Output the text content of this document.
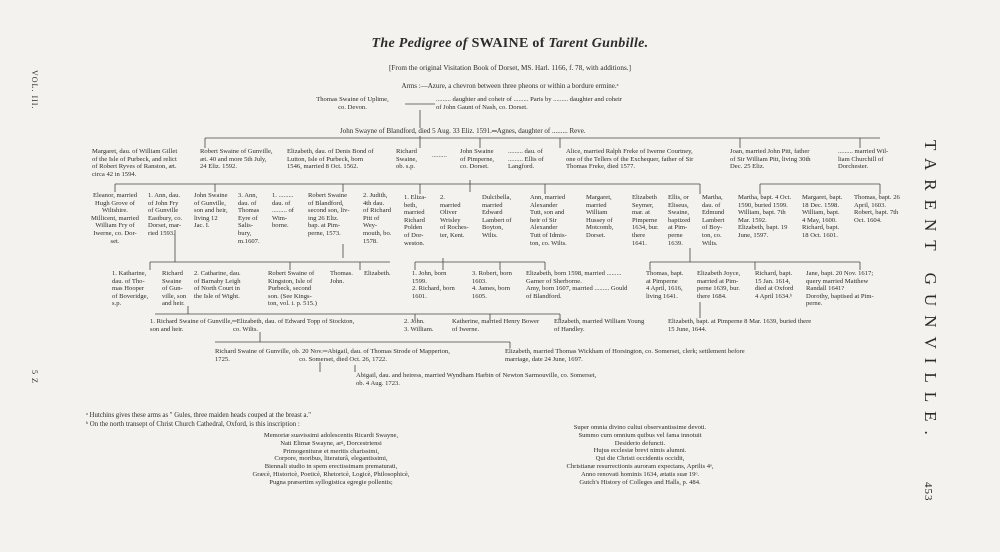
VOL. III.
5 Z	TARENT GUNVILLE.
453
The Pedigree of SWAINE of Tarent Gunbille.
[From the original Visitation Book of Dorset, MS. Harl. 1166, f. 78, with additions.]
Arms :—Azure, a chevron between three pheons or within a bordure ermine.ᵃ
Thomas Swaine of Uplime,
co. Devon.
......... daughter and coheir of ......... Paris by ......... daughter and coheir
of John Gaunt of Nash, co. Dorset.
John Swayne of Blandford, died 5 Aug. 33 Eliz. 1591.═Agnes, daughter of ......... Reve.
Margaret, dau. of William Gillet
of the Isle of Purbeck, and relict
of Robert Ryves of Ranston, æt.
circa 42 in 1594.
Robert Swaine of Gunville,
æt. 40 and more 5th July,
24 Eliz. 1592.
Elizabeth, dau. of Denis Bond of
Lutton, Isle of Purbeck, born
1546, married 8 Oct. 1562.
Richard
Swaine,
ob. s.p.
.........
John Swaine
of Pimperne,
co. Dorset.
......... dau. of
......... Ellis of
Langford.
Alice, married Ralph Freke of Iwerne Courtney,
one of the Tellers of the Exchequer, father of Sir
Thomas Freke, died 1577.
Joan, married John Pitt, father
of Sir William Pitt, living 30th
Dec. 25 Eliz.
......... married Wil-
liam Churchill of
Dorchester.
Eleanor, married
Hugh Grove of
Wiltshire.
Millicent, married
William Fry of
Iwerne, co. Dor-
set.
1. Ann, dau.
of John Fry
of Gunville
Eastbury, co.
Dorset, mar-
ried 1593.
John Swaine
of Gunville,
son and heir,
living 12
Jac. I.
3. Ann,
dau. of
Thomas
Eyre of
Salis-
bury,
m.1607.
1. .........
dau. of
......... of
Wim-
borne.
Robert Swaine
of Blandford,
second son, liv-
ing 26 Eliz.
bap. at Pim-
perne, 1573.
2. Judith,
4th dau.
of Richard
Pitt of
Wey-
mouth, bo.
1578.
1. Eliza-
beth,
married
Richard
Polden
of Dor-
weston.
2.
married
Oliver
Wrisley
of Roches-
ter, Kent.
Dulcibella,
married
Edward
Lambert of
Boyton,
Wilts.
Ann, married
Alexander
Tutt, son and
heir of Sir
Alexander
Tutt of Idmis-
ton, co. Wilts.
Margaret,
married
William
Hussey of
Motcomb,
Dorset.
Elizabeth
Seymer,
mar. at
Pimperne
1634, bur.
there
1641.
Ellis, or
Eliseus,
Swaine,
baptized
at Pim-
perne
1639.
Martha,
dau. of
Edmund
Lambert
of Boy-
ton, co.
Wilts.
Martha, bapt. 4 Oct.
1590, buried 1599.
William, bapt. 7th
Mar. 1592.
Elizabeth, bapt. 19
June, 1597.
Margaret, bapt.
18 Dec. 1598.
William, bapt.
4 May, 1600.
Richard, bapt.
18 Oct. 1601.
Thomas, bapt. 26
April, 1603.
Robert, bapt. 7th
Oct. 1604.
1. Katharine,
dau. of Tho-
mas Hooper
of Boveridge,
s.p.
Richard
Swaine
of Gun-
ville, son
and heir.
2. Catharine, dau.
of Barnaby Leigh
of North Court in
the Isle of Wight.
Robert Swaine of
Kingston, Isle of
Purbeck, second
son. (See Kings-
ton, vol. i. p. 515.)
Thomas.
John.
Elizabeth.	1. John, born
1599.
2. Richard, born
1601.
3. Robert, born
1603.
4. James, born
1605.
Elizabeth, born 1598, married .........
Garner of Sherborne.
Amy, born 1607, married ......... Gould
of Blandford.
Thomas, bapt.
at Pimperne
4 April, 1616,
living 1641.
Elizabeth Joyce,
married at Pim-
perne 1639, bur.
there 1684.
Richard, bapt.
15 Jan. 1614,
died at Oxford
4 April 1634.ᵇ
Jane, bapt. 20 Nov. 1617;
query married Matthew
Randall 1641?
Dorothy, baptised at Pim-
perne.
1. Richard Swaine of Gunville,═Elizabeth, dau. of Edward Topp of Stockton,
son and heir.                              co. Wilts.
2. John.
3. William.
Katherine, married Henry Bower
of Iwerne.
Elizabeth, married William Young
of Handley.
Elizabeth, bapt. at Pimperne 8 Mar. 1639, buried there
15 June, 1644.
Richard Swaine of Gunville, ob. 20 Nov.═Abigail, dau. of Thomas Strode of Mapperton,
1725.                                          co. Somerset, died Oct. 26, 1722.
Elizabeth, married Thomas Wickham of Horsington, co. Somerset, clerk; settlement before
marriage, date 24 June, 1697.
Abigail, dau. and heiress, married Wyndham Harbin of Newton Sarmouville, co. Somerset,
ob. 4 Aug. 1723.
ᵃ Hutchins gives these arms as " Gules, three maiden heads couped at the breast a."
ᵇ On the north transept of Christ Church Cathedral, Oxford, is this inscription :
Memoriæ suavissimi adolescentis Ricardi Swayne,
Nati Elimæ Swayne, arᵍ, Dorcestriensi
Primogenituræ et meritis charissimi,
Corpore, moribus, literaturâ, elegantissimi,
Biennali studio in spem erectissimam prematurati,
Græcè, Historicè, Poeticè, Rhetoricè, Logicè, Philosophicè,
Pugna præsertim syllogistica egregie pollentis;
Super omnia divino cultui observantissime devoti.
Summo cum omnium quibus vel fama innotuit
Desiderio defuncti.
Hujus ecclesiæ brevi nimis alumni.
Qui die Christi occidentis occidit,
Christianæ resurrectionis auroram expectans, Aprilis 4ᵒ,
Anno renovati hominis 1634, ætatis suæ 19ᵒ.
Gutch's History of Colleges and Halls, p. 484.
